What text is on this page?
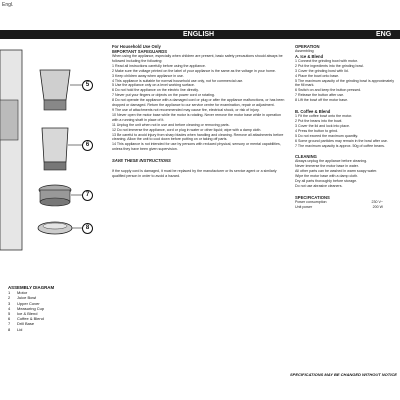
Engl.
ENGLISH	ENG
5
6
7
8
ASSEMBLY DIAGRAM
1	Motor
2	Juice Bowl
3	Upper Cover
4	Measuring Cup
5	Ice & Blend
6	Coffee & Blend
7	Drill Base
8	Lid
For Household Use Only
IMPORTANT SAFEGUARDS

When using the appliance, especially when children are present, basic safety precautions should always be followed including the following:

1 Read all instructions carefully before using the appliance.

2 Make sure the voltage printed on the label of your appliance is the same as the voltage in your home.

3 Keep children away when appliance in use.

4 This appliance is suitable for normal household use only, not for commercial use.

5 Use the appliance only on a level working surface.

6 Do not hold the appliance on the electric line directly.

7 Never put your fingers or objects on the power cord or rotating.

8 Do not operate the appliance with a damaged cord or plug or after the appliance malfunctions, or has been dropped or damaged. Return the appliance to our service centre for examination, repair or adjustment.

9 The use of attachments not recommended may cause fire, electrical shock, or risk of injury.

10 Never open the motor base while the motor is rotating. Never remove the motor base while in operation with a running shaft in place of it.

11 Unplug the unit when not in use and before cleaning or removing parts.

12 Do not immerse the appliance, cord or plug in water or other liquid; wipe with a damp cloth.

13 Be careful to avoid injury from sharp blades when handling and cleaning. Remove all attachments before cleaning. Allow the unit to cool down before putting on or taking off parts.

14 This appliance is not intended for use by persons with reduced physical, sensory or mental capabilities, unless they have been given supervision.

SAVE THESE INSTRUCTIONS

If the supply cord is damaged, it must be replaced by the manufacturer or its service agent or a similarly qualified person in order to avoid a hazard.

OPERATION

Assembling

A. Ice & Blend

1 Connect the grinding bowl with motor.

2 Put the ingredients into the grinding bowl.

3 Cover the grinding bowl with lid.

4 Place the bowl onto base.

5 The maximum capacity of the grinding bowl is approximately the fill mark.

6 Switch on and keep the button pressed.

7 Release the button after use.

8 Lift the bowl off the motor base.

B. Coffee & Blend

1 Fit the coffee bowl onto the motor.

2 Put the beans into the bowl.

3 Cover the lid and lock into place.

4 Press the button to grind.

5 Do not exceed the maximum quantity.

6 Some ground particles may remain in the bowl after use.

7 The maximum capacity is approx. 50g of coffee beans.

CLEANING

Always unplug the appliance before cleaning.

Never immerse the motor base in water.

All other parts can be washed in warm soapy water.

Wipe the motor base with a damp cloth.

Dry all parts thoroughly before storage.

Do not use abrasive cleaners.

SPECIFICATIONS
Power consumption	230 V~
Unit power	200 W
SPECIFICATIONS MAY BE CHANGED WITHOUT NOTICE
